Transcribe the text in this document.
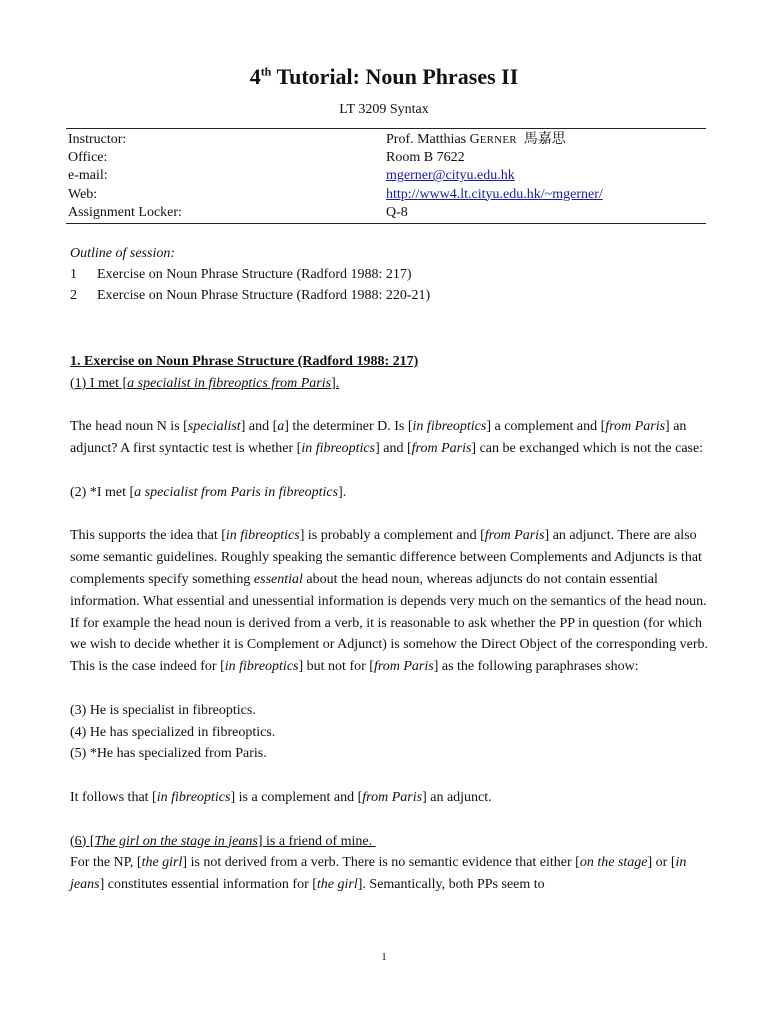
4th Tutorial: Noun Phrases II
LT 3209 Syntax
Instructor:	Prof. Matthias GERNER 馬嘉思
Office:	Room B 7622
e-mail:	mgerner@cityu.edu.hk
Web:	http://www4.lt.cityu.edu.hk/~mgerner/
Assignment Locker:	Q-8
Outline of session:
1	Exercise on Noun Phrase Structure (Radford 1988: 217)
2	Exercise on Noun Phrase Structure (Radford 1988: 220-21)

1. Exercise on Noun Phrase Structure (Radford 1988: 217)

(1) I met [a specialist in fibreoptics from Paris].

The head noun N is [specialist] and [a] the determiner D. Is [in fibreoptics] a complement and [from Paris] an adjunct? A first syntactic test is whether [in fibreoptics] and [from Paris] can be exchanged which is not the case:

(2) *I met [a specialist from Paris in fibreoptics].

This supports the idea that [in fibreoptics] is probably a complement and [from Paris] an adjunct. There are also some semantic guidelines. Roughly speaking the semantic difference between Complements and Adjuncts is that complements specify something essential about the head noun, whereas adjuncts do not contain essential information. What essential and unessential information is depends very much on the semantics of the head noun. If for example the head noun is derived from a verb, it is reasonable to ask whether the PP in question (for which we wish to decide whether it is Complement or Adjunct) is somehow the Direct Object of the corresponding verb. This is the case indeed for [in fibreoptics] but not for [from Paris] as the following paraphrases show:

(3) He is specialist in fibreoptics.

(4) He has specialized in fibreoptics.

(5) *He has specialized from Paris.

It follows that [in fibreoptics] is a complement and [from Paris] an adjunct.

(6) [The girl on the stage in jeans] is a friend of mine.

For the NP, [the girl] is not derived from a verb. There is no semantic evidence that either [on the stage] or [in jeans] constitutes essential information for [the girl]. Semantically, both PPs seem to

1
